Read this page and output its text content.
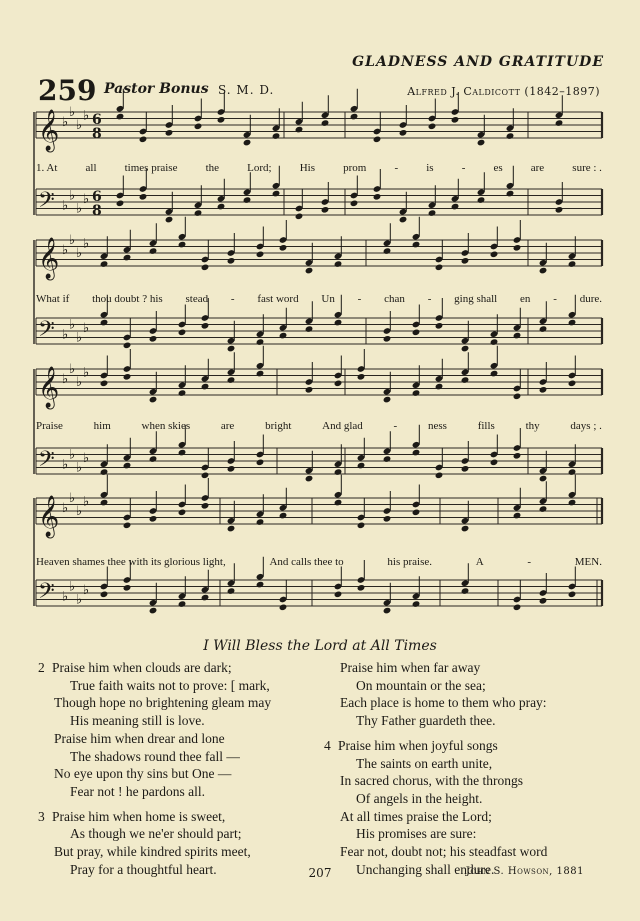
GLADNESS AND GRATITUDE
259 Pastor Bonus S. M. D.	Alfred J. Caldicott (1842–1897)
𝄞 ♭
♭
♭
♭ 6
8
𝄢 ♭
♭
♭
♭ 6
8
𝄞 ♭
♭
♭
♭
𝄢 ♭
♭
♭
♭
𝄞 ♭
♭
♭
♭
𝄢 ♭
♭
♭
♭
𝄞 ♭
♭
♭
♭
𝄢 ♭
♭
♭
♭
1. At	all	times praise	the	Lord;	His	prom	-	is	-	es	are	sure : .
What if thou doubt ? his stead - fast word Un - chan - ging shall en - dure.
Praise	him	when skies	are	bright	And glad	-	ness	fills	thy	days ; .
Heaven shames thee with its glorious light,	And calls thee to	his praise.	A	-	MEN.
I Will Bless the Lord at All Times
2 Praise him when clouds are dark;
True faith waits not to prove: [ mark,
Though hope no brightening gleam may
His meaning still is love.
Praise him when drear and lone
The shadows round thee fall —
No eye upon thy sins but One —
Fear not ! he pardons all.
3 Praise him when home is sweet,
As though we ne'er should part;
But pray, while kindred spirits meet,
Pray for a thoughtful heart.
Praise him when far away
On mountain or the sea;
Each place is home to them who pray:
Thy Father guardeth thee.
4 Praise him when joyful songs
The saints on earth unite,
In sacred chorus, with the throngs
Of angels in the height.
At all times praise the Lord;
His promises are sure:
Fear not, doubt not; his steadfast word
Unchanging shall endure.
207	John S. Howson, 1881
